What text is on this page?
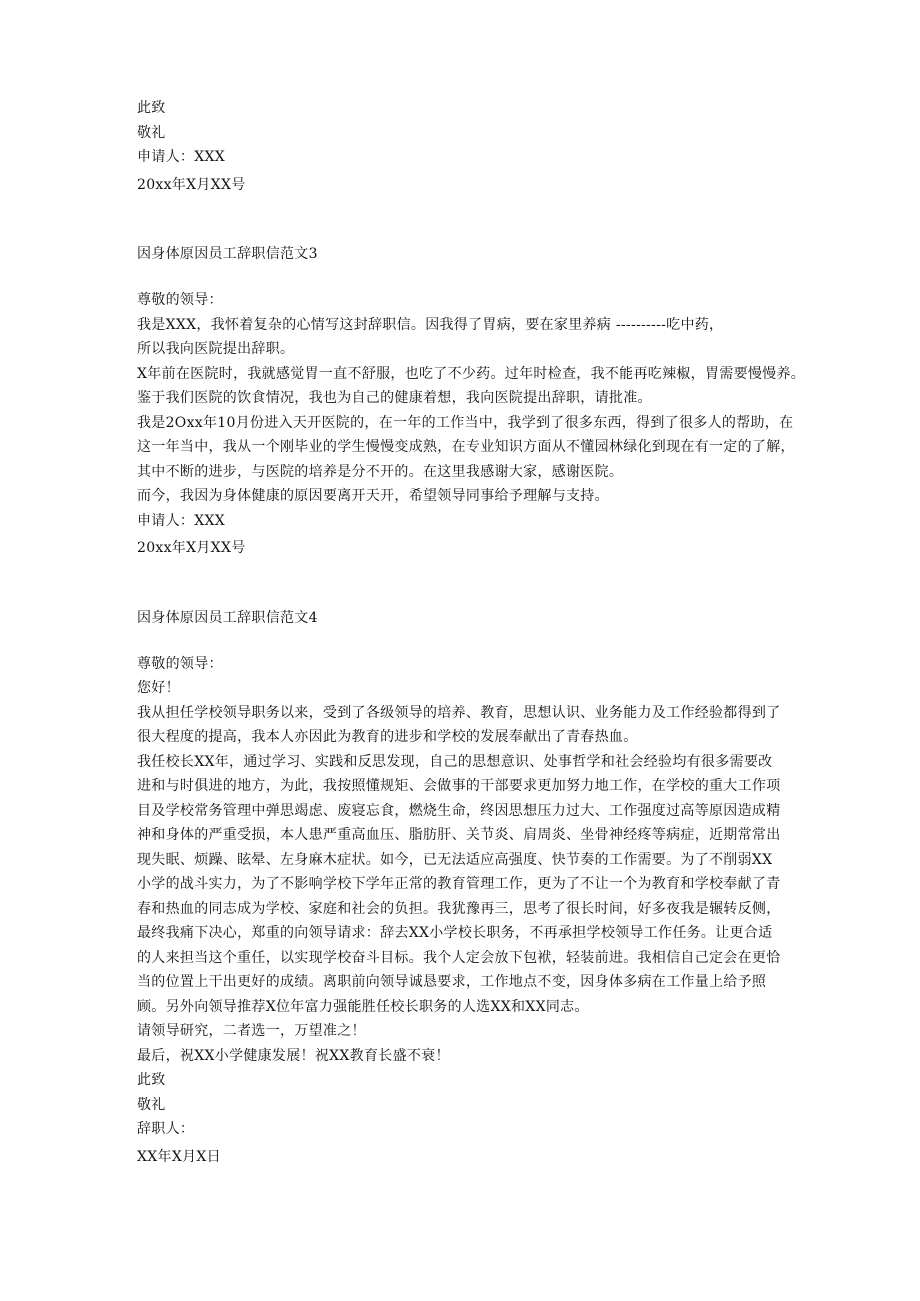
此致
敬礼
申请人：XXX
20xx年X月XX号
因身体原因员工辞职信范文3
尊敬的领导：
我是XXX，我怀着复杂的心情写这封辞职信。因我得了胃病，要在家里养病 ----------吃中药，
所以我向医院提出辞职。
X年前在医院时，我就感觉胃一直不舒服，也吃了不少药。过年时检查，我不能再吃辣椒，胃需要慢慢养。
鉴于我们医院的饮食情况，我也为自己的健康着想，我向医院提出辞职，请批准。
我是2Oxx年10月份进入天开医院的，在一年的工作当中，我学到了很多东西，得到了很多人的帮助，在
这一年当中，我从一个刚毕业的学生慢慢变成熟，在专业知识方面从不懂园林绿化到现在有一定的了解，
其中不断的进步，与医院的培养是分不开的。在这里我感谢大家，感谢医院。
而今，我因为身体健康的原因要离开天开，希望领导同事给予理解与支持。
申请人：XXX
20xx年X月XX号
因身体原因员工辞职信范文4
尊敬的领导：
您好！
我从担任学校领导职务以来，受到了各级领导的培养、教育，思想认识、业务能力及工作经验都得到了
很大程度的提高，我本人亦因此为教育的进步和学校的发展奉献出了青春热血。
我任校长XX年，通过学习、实践和反思发现，自己的思想意识、处事哲学和社会经验均有很多需要改
进和与时俱进的地方，为此，我按照懂规矩、会做事的干部要求更加努力地工作，在学校的重大工作项
目及学校常务管理中弹思竭虑、废寝忘食，燃烧生命，终因思想压力过大、工作强度过高等原因造成精
神和身体的严重受损，本人患严重高血压、脂肪肝、关节炎、肩周炎、坐骨神经疼等病症，近期常常出
现失眠、烦躁、眩晕、左身麻木症状。如今，已无法适应高强度、快节奏的工作需要。为了不削弱XX
小学的战斗实力，为了不影响学校下学年正常的教育管理工作，更为了不让一个为教育和学校奉献了青
春和热血的同志成为学校、家庭和社会的负担。我犹豫再三，思考了很长时间，好多夜我是辗转反侧，
最终我痛下决心，郑重的向领导请求：辞去XX小学校长职务，不再承担学校领导工作任务。让更合适
的人来担当这个重任，以实现学校奋斗目标。我个人定会放下包袱，轻装前进。我相信自己定会在更恰
当的位置上干出更好的成绩。离职前向领导诚恳要求，工作地点不变，因身体多病在工作量上给予照
顾。另外向领导推荐X位年富力强能胜任校长职务的人选XX和XX同志。
请领导研究，二者选一，万望准之！
最后，祝XX小学健康发展！祝XX教育长盛不衰！
此致
敬礼
辞职人：
XX年X月X日
